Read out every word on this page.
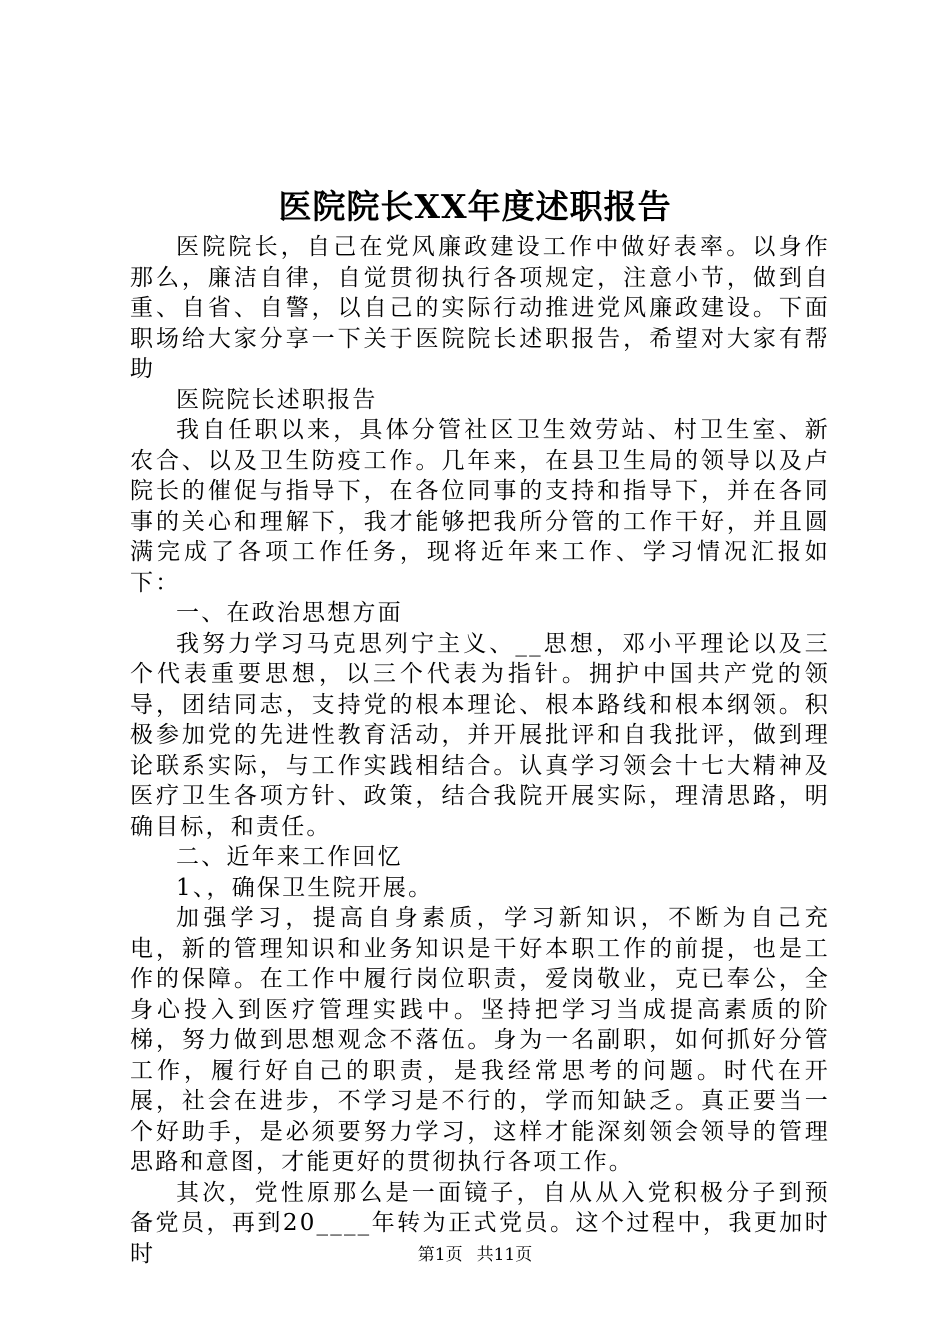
医院院长XX年度述职报告

医院院长，自己在党风廉政建设工作中做好表率。以身作那么，廉洁自律，自觉贯彻执行各项规定，注意小节，做到自重、自省、自警，以自己的实际行动推进党风廉政建设。下面职场给大家分享一下关于医院院长述职报告，希望对大家有帮助

医院院长述职报告

我自任职以来，具体分管社区卫生效劳站、村卫生室、新农合、以及卫生防疫工作。几年来，在县卫生局的领导以及卢院长的催促与指导下，在各位同事的支持和指导下，并在各同事的关心和理解下，我才能够把我所分管的工作干好，并且圆满完成了各项工作任务，现将近年来工作、学习情况汇报如下：

一、在政治思想方面

我努力学习马克思列宁主义、__思想，邓小平理论以及三个代表重要思想，以三个代表为指针。拥护中国共产党的领导，团结同志，支持党的根本理论、根本路线和根本纲领。积极参加党的先进性教育活动，并开展批评和自我批评，做到理论联系实际，与工作实践相结合。认真学习领会十七大精神及医疗卫生各项方针、政策，结合我院开展实际，理清思路，明确目标，和责任。

二、近年来工作回忆

1、，确保卫生院开展。

加强学习，提高自身素质，学习新知识，不断为自己充电，新的管理知识和业务知识是干好本职工作的前提，也是工作的保障。在工作中履行岗位职责，爱岗敬业，克已奉公，全身心投入到医疗管理实践中。坚持把学习当成提高素质的阶梯，努力做到思想观念不落伍。身为一名副职，如何抓好分管工作，履行好自己的职责，是我经常思考的问题。时代在开展，社会在进步，不学习是不行的，学而知缺乏。真正要当一个好助手，是必须要努力学习，这样才能深刻领会领导的管理思路和意图，才能更好的贯彻执行各项工作。

其次，党性原那么是一面镜子，自从从入党积极分子到预备党员，再到20____年转为正式党员。这个过程中，我更加时时	第1页 共11页
